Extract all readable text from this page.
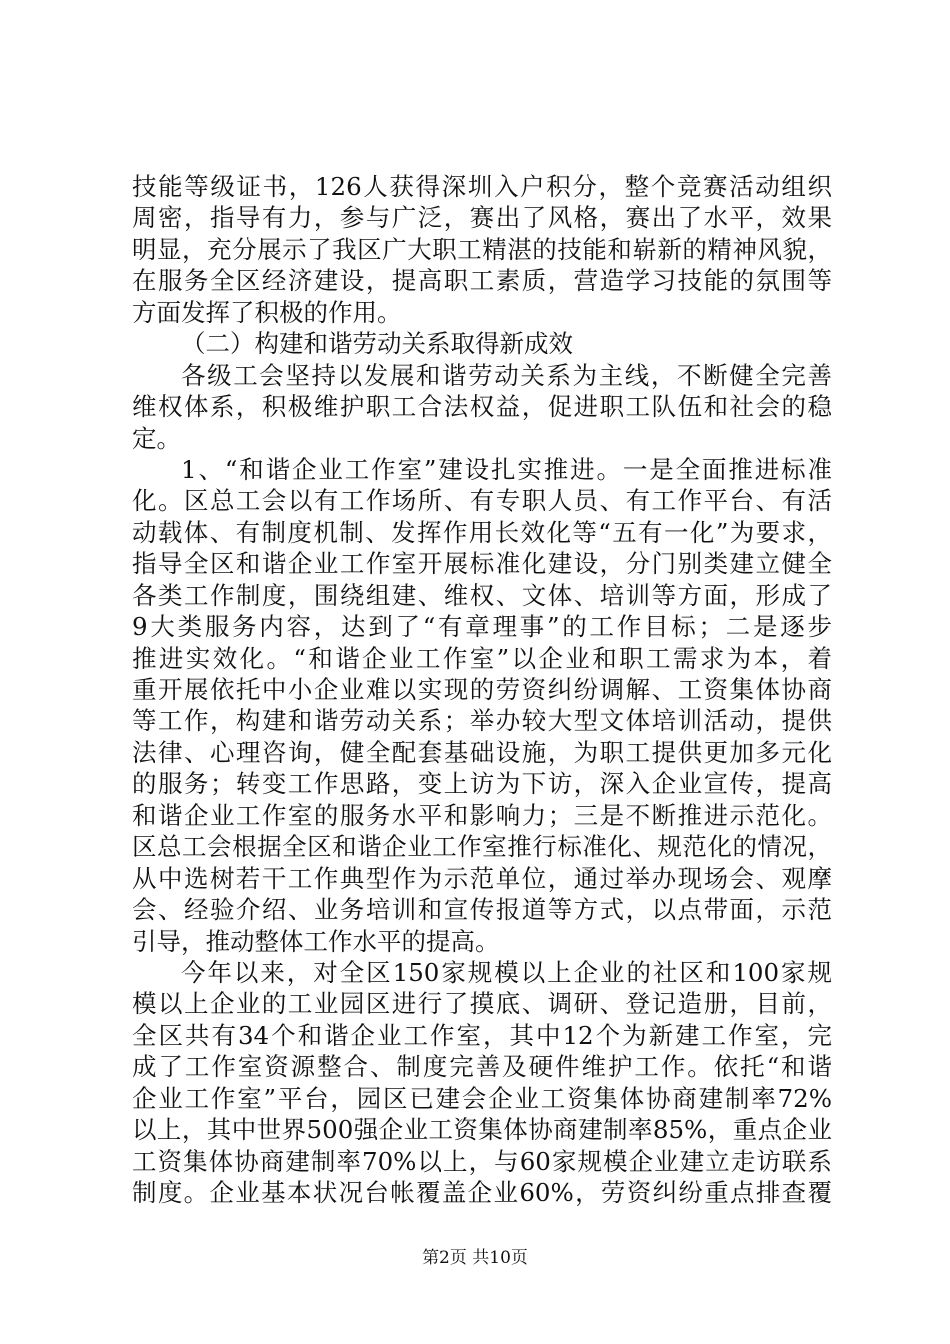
技能等级证书，126人获得深圳入户积分，整个竞赛活动组织
周密，指导有力，参与广泛，赛出了风格，赛出了水平，效果
明显，充分展示了我区广大职工精湛的技能和崭新的精神风貌，
在服务全区经济建设，提高职工素质，营造学习技能的氛围等
方面发挥了积极的作用。
（二）构建和谐劳动关系取得新成效
各级工会坚持以发展和谐劳动关系为主线，不断健全完善
维权体系，积极维护职工合法权益，促进职工队伍和社会的稳
定。
1、“和谐企业工作室”建设扎实推进。一是全面推进标准
化。区总工会以有工作场所、有专职人员、有工作平台、有活
动载体、有制度机制、发挥作用长效化等“五有一化”为要求，
指导全区和谐企业工作室开展标准化建设，分门别类建立健全
各类工作制度，围绕组建、维权、文体、培训等方面，形成了
9大类服务内容，达到了“有章理事”的工作目标；二是逐步
推进实效化。“和谐企业工作室”以企业和职工需求为本，着
重开展依托中小企业难以实现的劳资纠纷调解、工资集体协商
等工作，构建和谐劳动关系；举办较大型文体培训活动，提供
法律、心理咨询，健全配套基础设施，为职工提供更加多元化
的服务；转变工作思路，变上访为下访，深入企业宣传，提高
和谐企业工作室的服务水平和影响力；三是不断推进示范化。
区总工会根据全区和谐企业工作室推行标准化、规范化的情况，
从中选树若干工作典型作为示范单位，通过举办现场会、观摩
会、经验介绍、业务培训和宣传报道等方式，以点带面，示范
引导，推动整体工作水平的提高。
今年以来，对全区150家规模以上企业的社区和100家规
模以上企业的工业园区进行了摸底、调研、登记造册，目前，
全区共有34个和谐企业工作室，其中12个为新建工作室，完
成了工作室资源整合、制度完善及硬件维护工作。依托“和谐
企业工作室”平台，园区已建会企业工资集体协商建制率72%
以上，其中世界500强企业工资集体协商建制率85%，重点企业
工资集体协商建制率70%以上，与60家规模企业建立走访联系
制度。企业基本状况台帐覆盖企业60%，劳资纠纷重点排查覆
第2页 共10页
